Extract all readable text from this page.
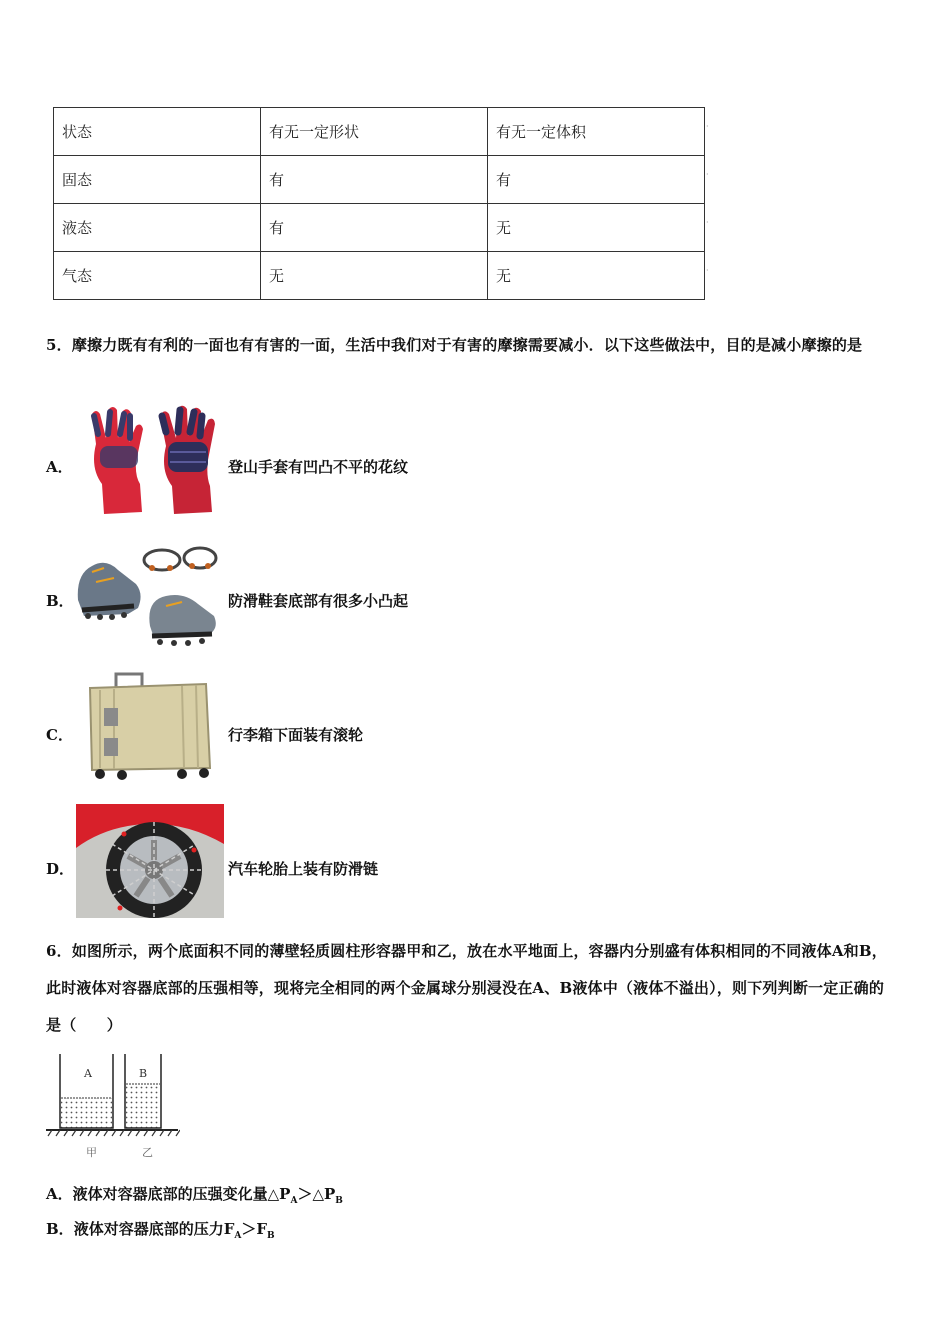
状态	有无一定形状	有无一定体积
固态	有	有
液态	有	无
气态	无	无
·
·
·
·
5．摩擦力既有有利的一面也有有害的一面，生活中我们对于有害的摩擦需要减小．以下这些做法中，目的是减小摩擦的是
A．	登山手套有凹凸不平的花纹
B．	防滑鞋套底部有很多小凸起
C．	行李箱下面装有滚轮
D．	汽车轮胎上装有防滑链
6．如图所示，两个底面积不同的薄壁轻质圆柱形容器甲和乙，放在水平地面上，容器内分别盛有体积相同的不同液体A和B，此时液体对容器底部的压强相等，现将完全相同的两个金属球分别浸没在A、B液体中（液体不溢出），则下列判断一定正确的是（　　）
A	B
甲	乙
A．液体对容器底部的压强变化量$\triangle P_A>\triangle P_B$
B．液体对容器底部的压力$F_A>F_B$
